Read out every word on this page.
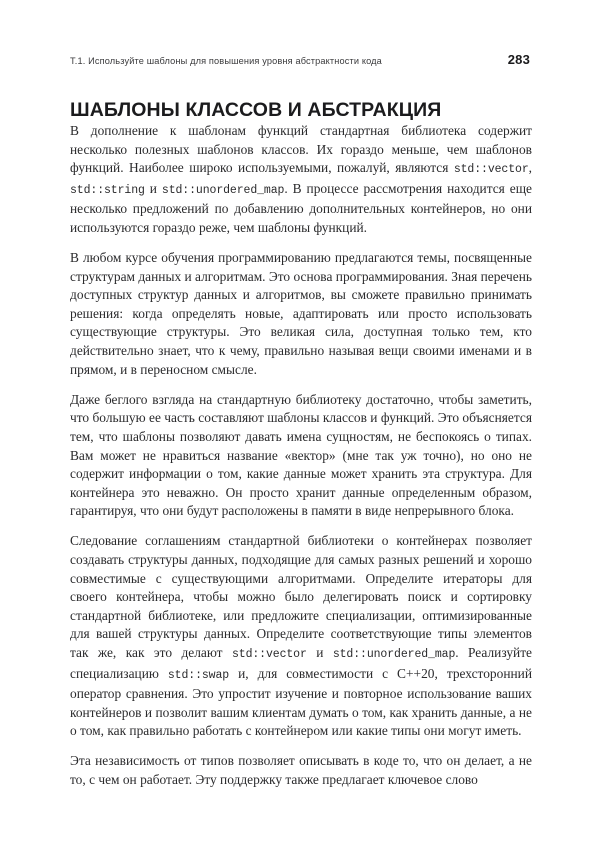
Т.1. Используйте шаблоны для повышения уровня абстрактности кода	283
ШАБЛОНЫ КЛАССОВ И АБСТРАКЦИЯ

В дополнение к шаблонам функций стандартная библиотека содержит несколько полезных шаблонов классов. Их гораздо меньше, чем шаблонов функций. Наиболее широко используемыми, пожалуй, являются std::vector, std::string и std::unordered_map. В процессе рассмотрения находится еще несколько предложений по добавлению дополнительных контейнеров, но они используются гораздо реже, чем шаблоны функций.

В любом курсе обучения программированию предлагаются темы, посвященные структурам данных и алгоритмам. Это основа программирования. Зная перечень доступных структур данных и алгоритмов, вы сможете правильно принимать решения: когда определять новые, адаптировать или просто использовать существующие структуры. Это великая сила, доступная только тем, кто действительно знает, что к чему, правильно называя вещи своими именами и в прямом, и в переносном смысле.

Даже беглого взгляда на стандартную библиотеку достаточно, чтобы заметить, что большую ее часть составляют шаблоны классов и функций. Это объясняется тем, что шаблоны позволяют давать имена сущностям, не беспокоясь о типах. Вам может не нравиться название «вектор» (мне так уж точно), но оно не содержит информации о том, какие данные может хранить эта структура. Для контейнера это неважно. Он просто хранит данные определенным образом, гарантируя, что они будут расположены в памяти в виде непрерывного блока.

Следование соглашениям стандартной библиотеки о контейнерах позволяет создавать структуры данных, подходящие для самых разных решений и хорошо совместимые с существующими алгоритмами. Определите итераторы для своего контейнера, чтобы можно было делегировать поиск и сортировку стандартной библиотеке, или предложите специализации, оптимизированные для вашей структуры данных. Определите соответствующие типы элементов так же, как это делают std::vector и std::unordered_map. Реализуйте специализацию std::swap и, для совместимости с C++20, трехсторонний оператор сравнения. Это упростит изучение и повторное использование ваших контейнеров и позволит вашим клиентам думать о том, как хранить данные, а не о том, как правильно работать с контейнером или какие типы они могут иметь.

Эта независимость от типов позволяет описывать в коде то, что он делает, а не то, с чем он работает. Эту поддержку также предлагает ключевое слово
